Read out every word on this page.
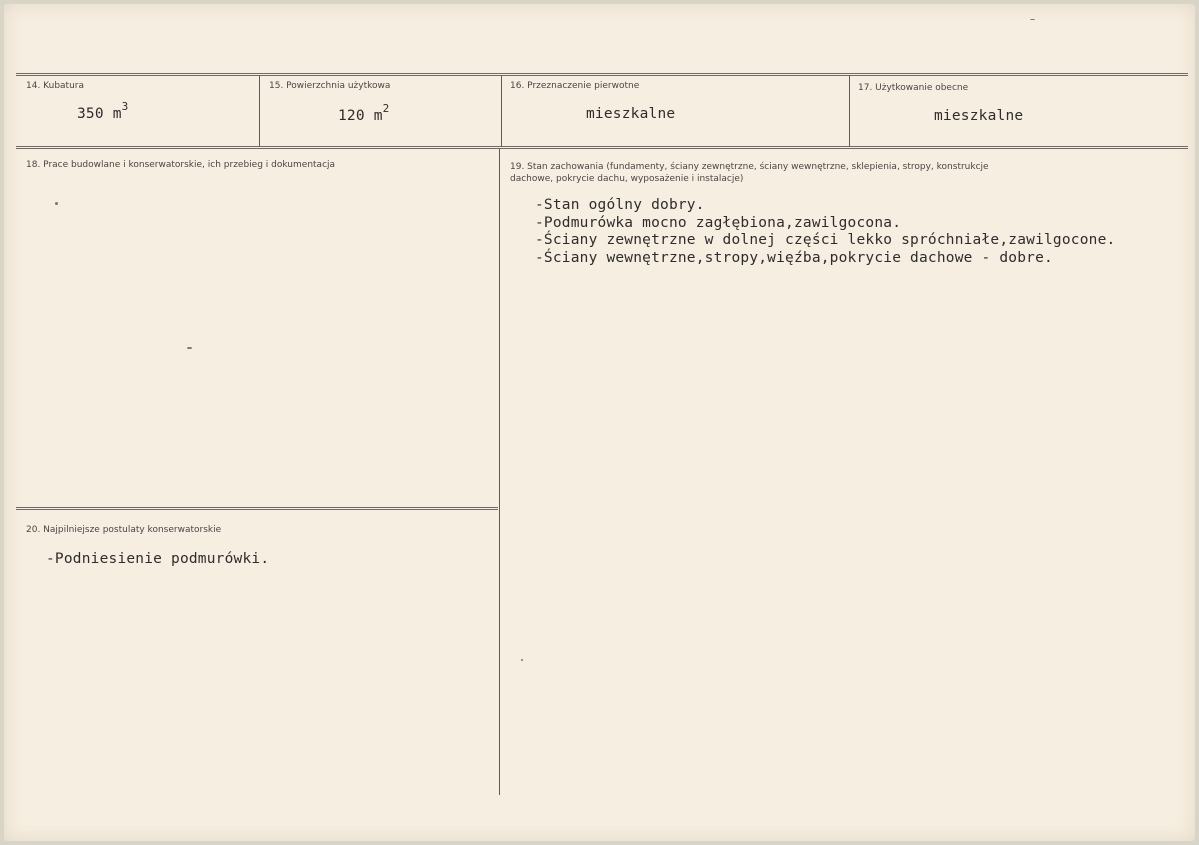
14. Kubatura
350 $m^3$
15. Powierzchnia użytkowa
120 $m^2$
16. Przeznaczenie pierwotne
mieszkalne
17. Użytkowanie obecne
mieszkalne
18. Prace budowlane i konserwatorskie, ich przebieg i dokumentacja	19. Stan zachowania (fundamenty, ściany zewnętrzne, ściany wewnętrzne, sklepienia, stropy, konstrukcje dachowe, pokrycie dachu, wyposażenie i instalacje)
-Stan ogólny dobry.
-Podmurówka mocno zagłębiona,zawilgocona.
-Ściany zewnętrzne w dolnej części lekko spróchniałe,zawilgocone.
-Ściany wewnętrzne,stropy,więźba,pokrycie dachowe - dobre.
20. Najpilniejsze postulaty konserwatorskie
-Podniesienie podmurówki.
